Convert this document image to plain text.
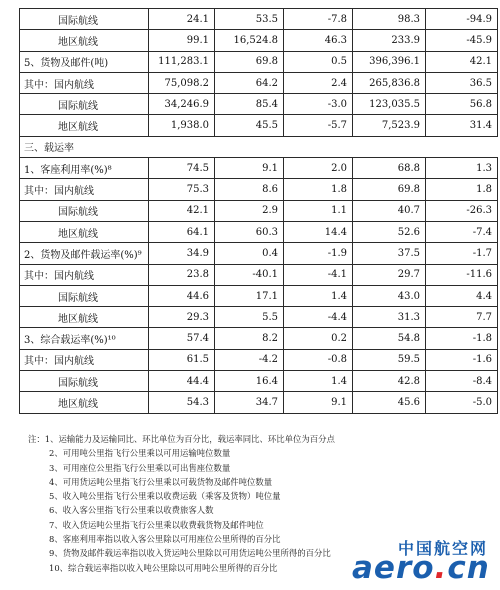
国际航线	24.1	53.5	-7.8	98.3	-94.9
地区航线	99.1	16,524.8	46.3	233.9	-45.9
5、货物及邮件(吨)	111,283.1	69.8	0.5	396,396.1	42.1
其中：国内航线	75,098.2	64.2	2.4	265,836.8	36.5
国际航线	34,246.9	85.4	-3.0	123,035.5	56.8
地区航线	1,938.0	45.5	-5.7	7,523.9	31.4
三、载运率					
1、客座利用率(%)⁸	74.5	9.1	2.0	68.8	1.3
其中：国内航线	75.3	8.6	1.8	69.8	1.8
国际航线	42.1	2.9	1.1	40.7	-26.3
地区航线	64.1	60.3	14.4	52.6	-7.4
2、货物及邮件载运率(%)⁹	34.9	0.4	-1.9	37.5	-1.7
其中：国内航线	23.8	-40.1	-4.1	29.7	-11.6
国际航线	44.6	17.1	1.4	43.0	4.4
地区航线	29.3	5.5	-4.4	31.3	7.7
3、综合载运率(%)¹⁰	57.4	8.2	0.2	54.8	-1.8
其中：国内航线	61.5	-4.2	-0.8	59.5	-1.6
国际航线	44.4	16.4	1.4	42.8	-8.4
地区航线	54.3	34.7	9.1	45.6	-5.0
注：1、运输能力及运输同比、环比单位为百分比，载运率同比、环比单位为百分点
2、可用吨公里指飞行公里乘以可用运输吨位数量
3、可用座位公里指飞行公里乘以可出售座位数量
4、可用货运吨公里指飞行公里乘以可载货物及邮件吨位数量
5、收入吨公里指飞行公里乘以收费运载（乘客及货物）吨位量
6、收入客公里指飞行公里乘以收费旅客人数
7、收入货运吨公里指飞行公里乘以收费载货物及邮件吨位
8、客座利用率指以收入客公里除以可用座位公里所得的百分比
9、货物及邮件载运率指以收入货运吨公里除以可用货运吨公里所得的百分比
10、综合载运率指以收入吨公里除以可用吨公里所得的百分比
中国航空网
aero.cn
